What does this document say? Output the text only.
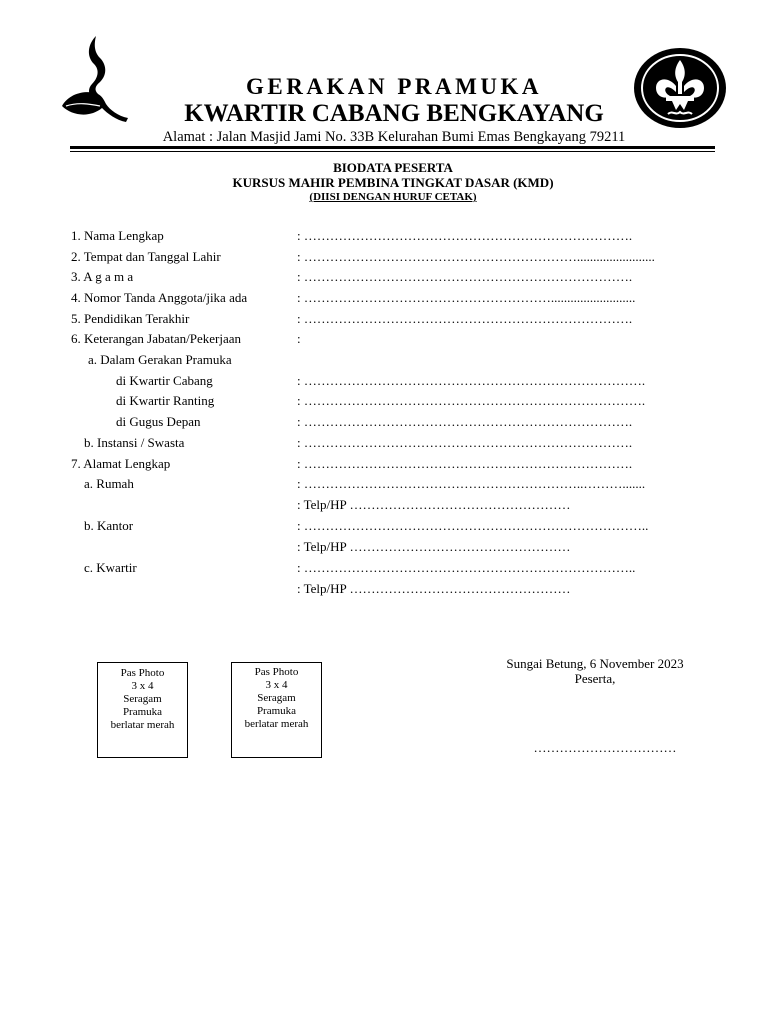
GERAKAN PRAMUKA
KWARTIR CABANG BENGKAYANG
Alamat : Jalan Masjid Jami No. 33B Kelurahan Bumi Emas Bengkayang 79211
BIODATA PESERTA
KURSUS MAHIR PEMBINA TINGKAT DASAR (KMD)
(DIISI DENGAN HURUF CETAK)
1. Nama Lengkap	: ………………………………………………………………….
2. Tempat dan Tanggal Lahir	: ………………………………………………………........................
3. A g a m a	: ………………………………………………………………….
4. Nomor Tanda Anggota/jika ada	: …………………………………………………..........................
5. Pendidikan Terakhir	: ………………………………………………………………….
6. Keterangan Jabatan/Pekerjaan	:
a. Dalam Gerakan Pramuka
di Kwartir Cabang	: …………………………………………………………………….
di Kwartir Ranting	: …………………………………………………………………….
di Gugus Depan	: ………………………………………………………………….
b. Instansi / Swasta	: ………………………………………………………………….
7. Alamat Lengkap	: ………………………………………………………………….
a. Rumah	: ………………………………………………………..……….......
: Telp/HP ……………………………………………
b. Kantor	: ……………………………………………………………………..
: Telp/HP ……………………………………………
c. Kwartir	: …………………………………………………………………..
: Telp/HP ……………………………………………
Pas Photo
3 x 4
Seragam
Pramuka
berlatar merah
Pas Photo
3 x 4
Seragam
Pramuka
berlatar merah
Sungai Betung, 6 November 2023
Peserta,
……………………………
